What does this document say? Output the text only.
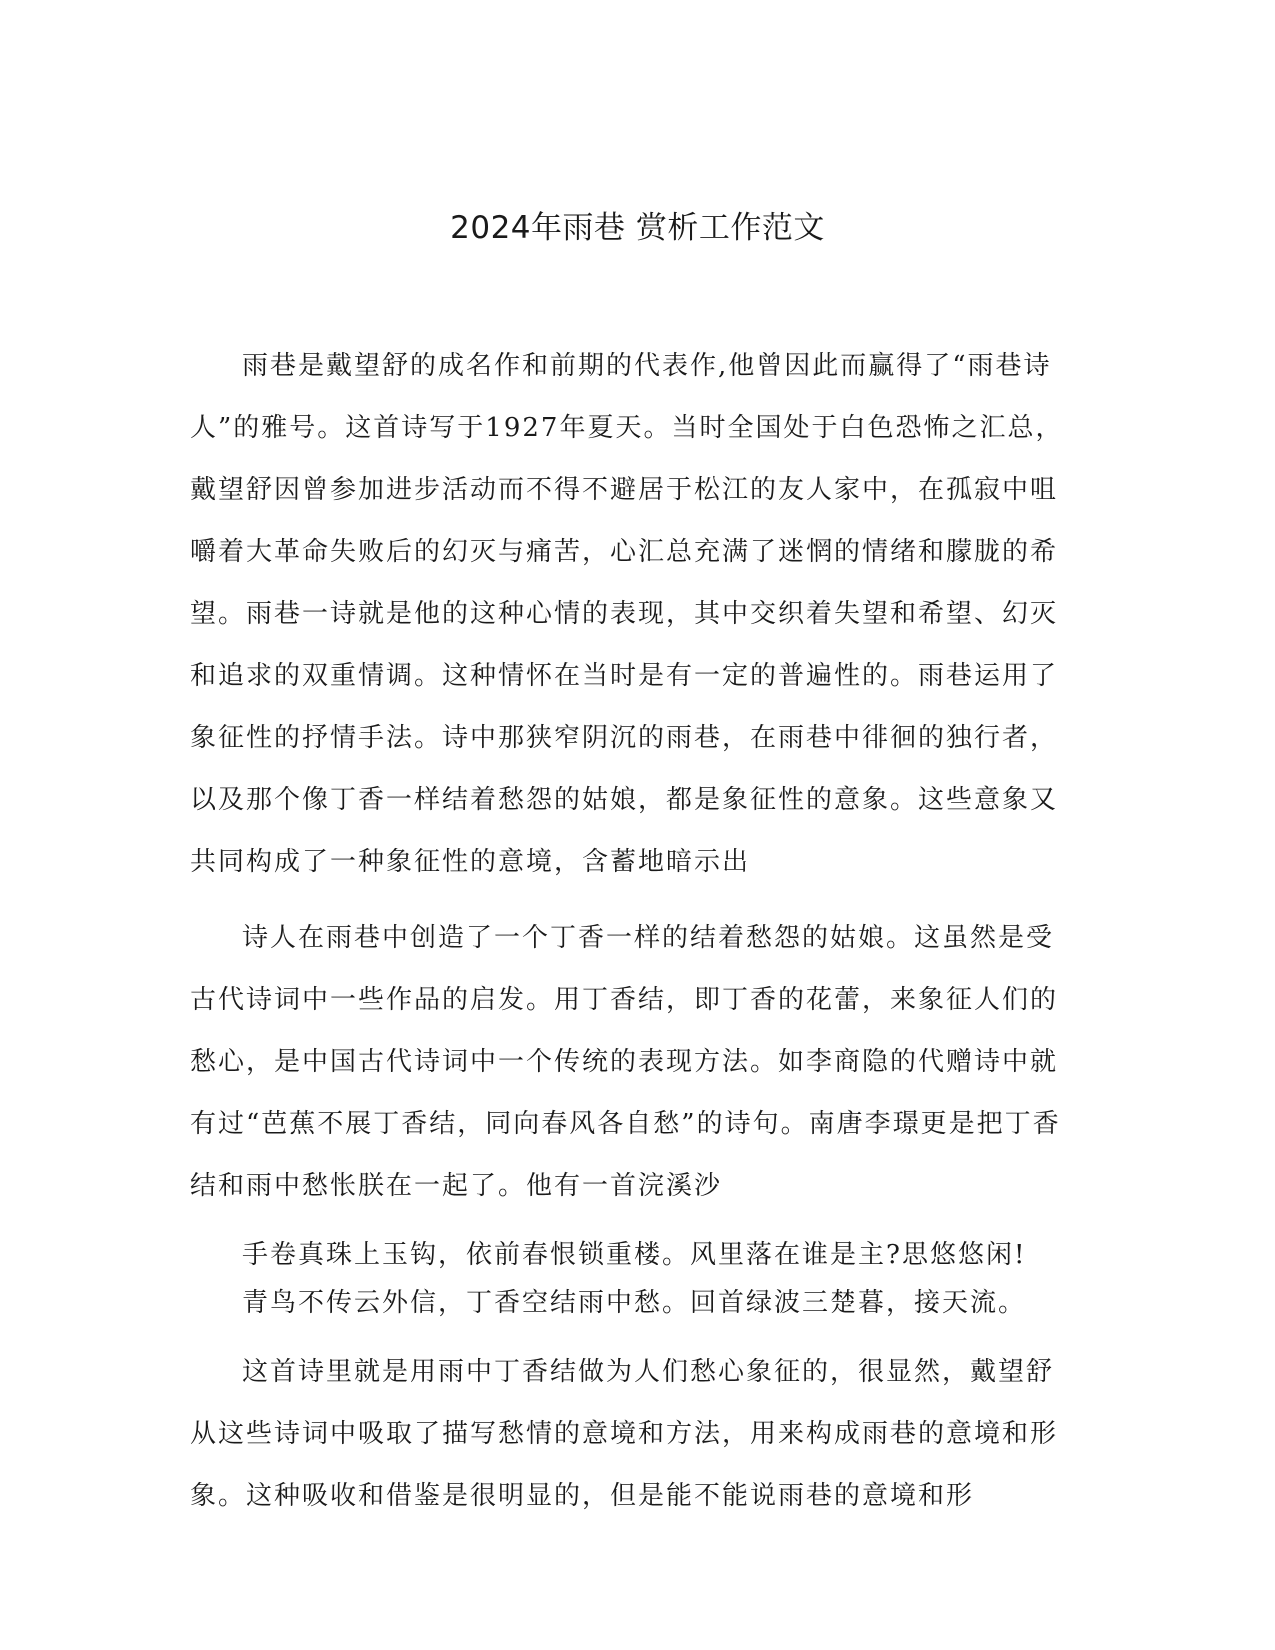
2024年雨巷 赏析工作范文

雨巷是戴望舒的成名作和前期的代表作,他曾因此而赢得了“雨巷诗人”的雅号。这首诗写于1927年夏天。当时全国处于白色恐怖之汇总，戴望舒因曾参加进步活动而不得不避居于松江的友人家中，在孤寂中咀嚼着大革命失败后的幻灭与痛苦，心汇总充满了迷惘的情绪和朦胧的希望。雨巷一诗就是他的这种心情的表现，其中交织着失望和希望、幻灭和追求的双重情调。这种情怀在当时是有一定的普遍性的。雨巷运用了象征性的抒情手法。诗中那狭窄阴沉的雨巷，在雨巷中徘徊的独行者，以及那个像丁香一样结着愁怨的姑娘，都是象征性的意象。这些意象又共同构成了一种象征性的意境，含蓄地暗示出

诗人在雨巷中创造了一个丁香一样的结着愁怨的姑娘。这虽然是受古代诗词中一些作品的启发。用丁香结，即丁香的花蕾，来象征人们的愁心，是中国古代诗词中一个传统的表现方法。如李商隐的代赠诗中就有过“芭蕉不展丁香结，同向春风各自愁”的诗句。南唐李璟更是把丁香结和雨中愁怅朕在一起了。他有一首浣溪沙

手卷真珠上玉钩，依前春恨锁重楼。风里落在谁是主?思悠悠闲!

青鸟不传云外信，丁香空结雨中愁。回首绿波三楚暮，接天流。

这首诗里就是用雨中丁香结做为人们愁心象征的，很显然，戴望舒从这些诗词中吸取了描写愁情的意境和方法，用来构成雨巷的意境和形象。这种吸收和借鉴是很明显的，但是能不能说雨巷的意境和形
